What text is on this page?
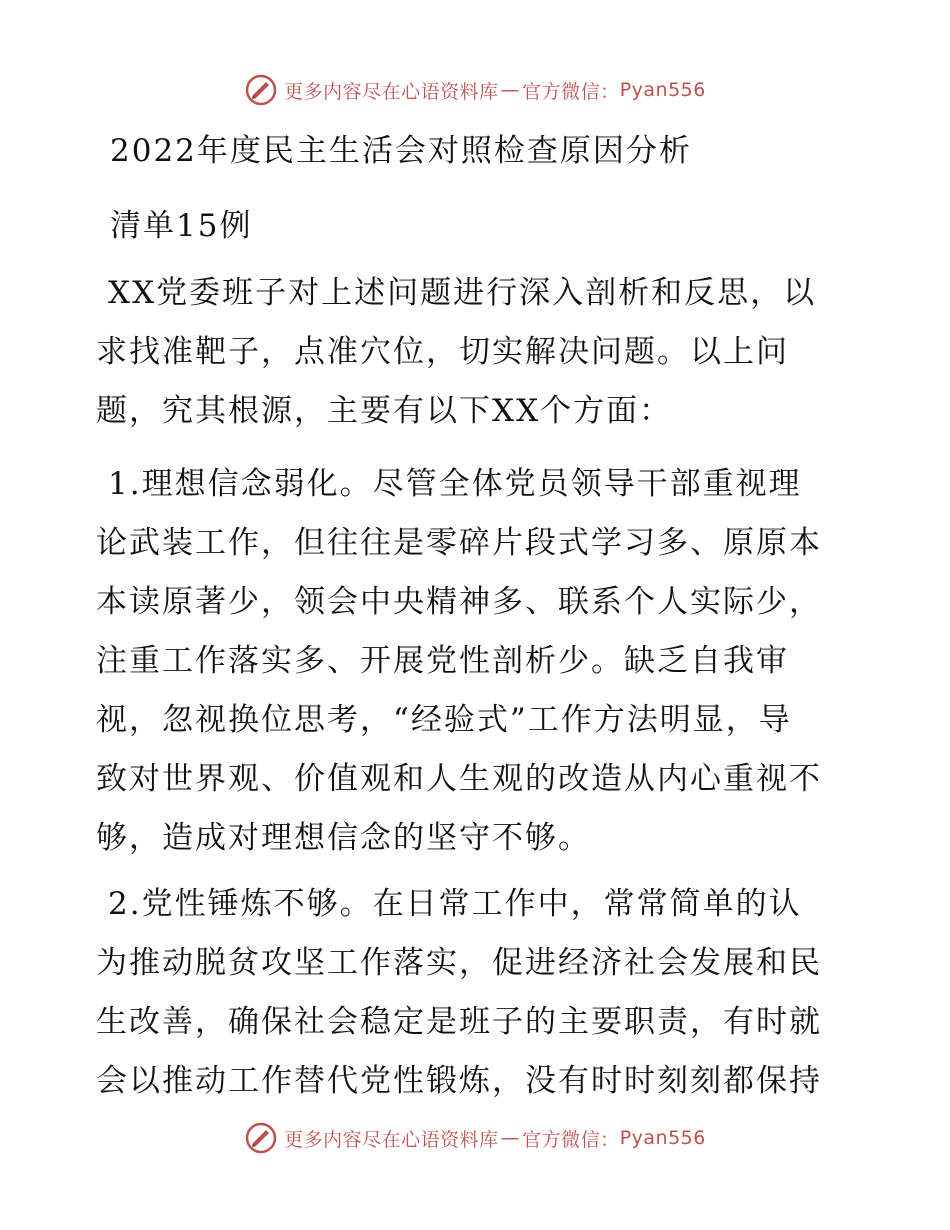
更多内容尽在心语资料库 — 官方微信： Pyan556
2022年度民主生活会对照检查原因分析
清单15例
XX党委班子对上述问题进行深入剖析和反思，以
求找准靶子，点准穴位，切实解决问题。以上问
题，究其根源，主要有以下XX个方面：
1.理想信念弱化。尽管全体党员领导干部重视理
论武装工作，但往往是零碎片段式学习多、原原本
本读原著少，领会中央精神多、联系个人实际少，
注重工作落实多、开展党性剖析少。缺乏自我审
视，忽视换位思考，“经验式”工作方法明显，导
致对世界观、价值观和人生观的改造从内心重视不
够，造成对理想信念的坚守不够。
2.党性锤炼不够。在日常工作中，常常简单的认
为推动脱贫攻坚工作落实，促进经济社会发展和民
生改善，确保社会稳定是班子的主要职责，有时就
会以推动工作替代党性锻炼，没有时时刻刻都保持
更多内容尽在心语资料库 — 官方微信： Pyan556
